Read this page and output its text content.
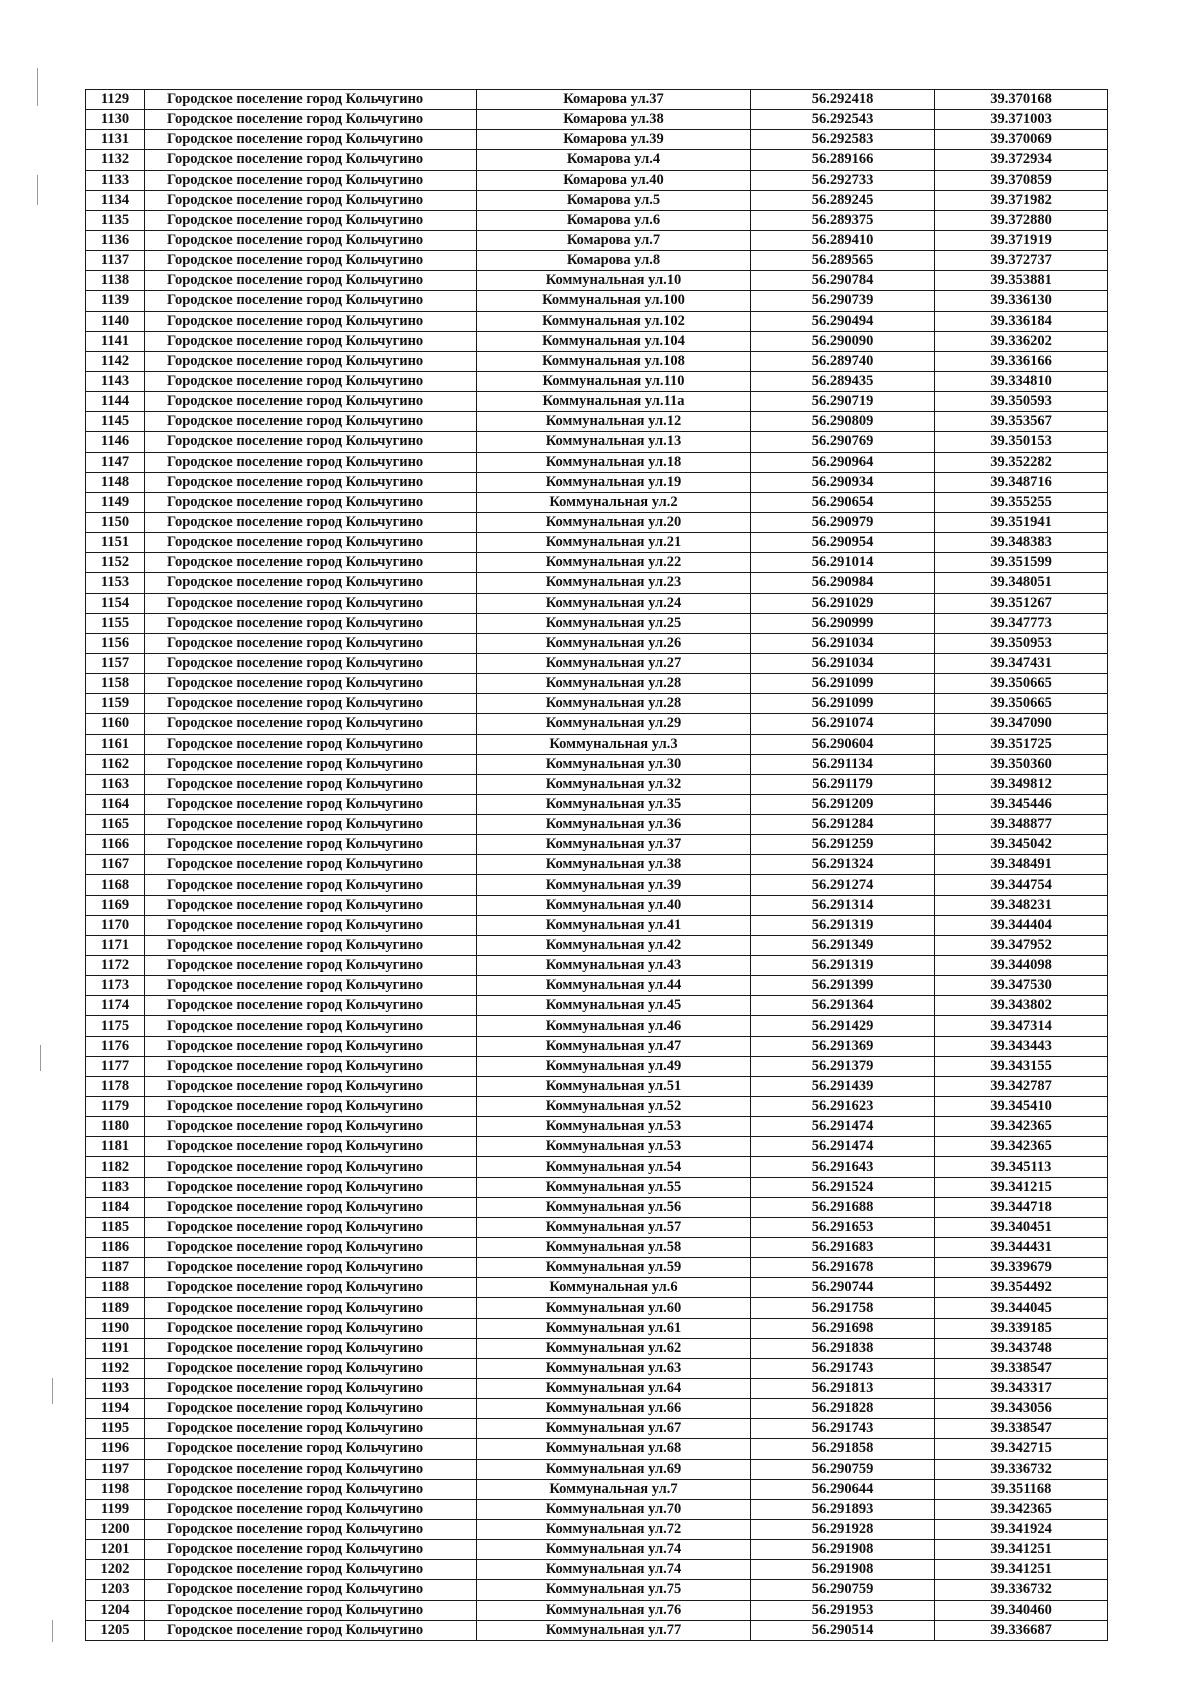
1129	Городское поселение город Кольчугино	Комарова ул.37	56.292418	39.370168
1130	Городское поселение город Кольчугино	Комарова ул.38	56.292543	39.371003
1131	Городское поселение город Кольчугино	Комарова ул.39	56.292583	39.370069
1132	Городское поселение город Кольчугино	Комарова ул.4	56.289166	39.372934
1133	Городское поселение город Кольчугино	Комарова ул.40	56.292733	39.370859
1134	Городское поселение город Кольчугино	Комарова ул.5	56.289245	39.371982
1135	Городское поселение город Кольчугино	Комарова ул.6	56.289375	39.372880
1136	Городское поселение город Кольчугино	Комарова ул.7	56.289410	39.371919
1137	Городское поселение город Кольчугино	Комарова ул.8	56.289565	39.372737
1138	Городское поселение город Кольчугино	Коммунальная ул.10	56.290784	39.353881
1139	Городское поселение город Кольчугино	Коммунальная ул.100	56.290739	39.336130
1140	Городское поселение город Кольчугино	Коммунальная ул.102	56.290494	39.336184
1141	Городское поселение город Кольчугино	Коммунальная ул.104	56.290090	39.336202
1142	Городское поселение город Кольчугино	Коммунальная ул.108	56.289740	39.336166
1143	Городское поселение город Кольчугино	Коммунальная ул.110	56.289435	39.334810
1144	Городское поселение город Кольчугино	Коммунальная ул.11а	56.290719	39.350593
1145	Городское поселение город Кольчугино	Коммунальная ул.12	56.290809	39.353567
1146	Городское поселение город Кольчугино	Коммунальная ул.13	56.290769	39.350153
1147	Городское поселение город Кольчугино	Коммунальная ул.18	56.290964	39.352282
1148	Городское поселение город Кольчугино	Коммунальная ул.19	56.290934	39.348716
1149	Городское поселение город Кольчугино	Коммунальная ул.2	56.290654	39.355255
1150	Городское поселение город Кольчугино	Коммунальная ул.20	56.290979	39.351941
1151	Городское поселение город Кольчугино	Коммунальная ул.21	56.290954	39.348383
1152	Городское поселение город Кольчугино	Коммунальная ул.22	56.291014	39.351599
1153	Городское поселение город Кольчугино	Коммунальная ул.23	56.290984	39.348051
1154	Городское поселение город Кольчугино	Коммунальная ул.24	56.291029	39.351267
1155	Городское поселение город Кольчугино	Коммунальная ул.25	56.290999	39.347773
1156	Городское поселение город Кольчугино	Коммунальная ул.26	56.291034	39.350953
1157	Городское поселение город Кольчугино	Коммунальная ул.27	56.291034	39.347431
1158	Городское поселение город Кольчугино	Коммунальная ул.28	56.291099	39.350665
1159	Городское поселение город Кольчугино	Коммунальная ул.28	56.291099	39.350665
1160	Городское поселение город Кольчугино	Коммунальная ул.29	56.291074	39.347090
1161	Городское поселение город Кольчугино	Коммунальная ул.3	56.290604	39.351725
1162	Городское поселение город Кольчугино	Коммунальная ул.30	56.291134	39.350360
1163	Городское поселение город Кольчугино	Коммунальная ул.32	56.291179	39.349812
1164	Городское поселение город Кольчугино	Коммунальная ул.35	56.291209	39.345446
1165	Городское поселение город Кольчугино	Коммунальная ул.36	56.291284	39.348877
1166	Городское поселение город Кольчугино	Коммунальная ул.37	56.291259	39.345042
1167	Городское поселение город Кольчугино	Коммунальная ул.38	56.291324	39.348491
1168	Городское поселение город Кольчугино	Коммунальная ул.39	56.291274	39.344754
1169	Городское поселение город Кольчугино	Коммунальная ул.40	56.291314	39.348231
1170	Городское поселение город Кольчугино	Коммунальная ул.41	56.291319	39.344404
1171	Городское поселение город Кольчугино	Коммунальная ул.42	56.291349	39.347952
1172	Городское поселение город Кольчугино	Коммунальная ул.43	56.291319	39.344098
1173	Городское поселение город Кольчугино	Коммунальная ул.44	56.291399	39.347530
1174	Городское поселение город Кольчугино	Коммунальная ул.45	56.291364	39.343802
1175	Городское поселение город Кольчугино	Коммунальная ул.46	56.291429	39.347314
1176	Городское поселение город Кольчугино	Коммунальная ул.47	56.291369	39.343443
1177	Городское поселение город Кольчугино	Коммунальная ул.49	56.291379	39.343155
1178	Городское поселение город Кольчугино	Коммунальная ул.51	56.291439	39.342787
1179	Городское поселение город Кольчугино	Коммунальная ул.52	56.291623	39.345410
1180	Городское поселение город Кольчугино	Коммунальная ул.53	56.291474	39.342365
1181	Городское поселение город Кольчугино	Коммунальная ул.53	56.291474	39.342365
1182	Городское поселение город Кольчугино	Коммунальная ул.54	56.291643	39.345113
1183	Городское поселение город Кольчугино	Коммунальная ул.55	56.291524	39.341215
1184	Городское поселение город Кольчугино	Коммунальная ул.56	56.291688	39.344718
1185	Городское поселение город Кольчугино	Коммунальная ул.57	56.291653	39.340451
1186	Городское поселение город Кольчугино	Коммунальная ул.58	56.291683	39.344431
1187	Городское поселение город Кольчугино	Коммунальная ул.59	56.291678	39.339679
1188	Городское поселение город Кольчугино	Коммунальная ул.6	56.290744	39.354492
1189	Городское поселение город Кольчугино	Коммунальная ул.60	56.291758	39.344045
1190	Городское поселение город Кольчугино	Коммунальная ул.61	56.291698	39.339185
1191	Городское поселение город Кольчугино	Коммунальная ул.62	56.291838	39.343748
1192	Городское поселение город Кольчугино	Коммунальная ул.63	56.291743	39.338547
1193	Городское поселение город Кольчугино	Коммунальная ул.64	56.291813	39.343317
1194	Городское поселение город Кольчугино	Коммунальная ул.66	56.291828	39.343056
1195	Городское поселение город Кольчугино	Коммунальная ул.67	56.291743	39.338547
1196	Городское поселение город Кольчугино	Коммунальная ул.68	56.291858	39.342715
1197	Городское поселение город Кольчугино	Коммунальная ул.69	56.290759	39.336732
1198	Городское поселение город Кольчугино	Коммунальная ул.7	56.290644	39.351168
1199	Городское поселение город Кольчугино	Коммунальная ул.70	56.291893	39.342365
1200	Городское поселение город Кольчугино	Коммунальная ул.72	56.291928	39.341924
1201	Городское поселение город Кольчугино	Коммунальная ул.74	56.291908	39.341251
1202	Городское поселение город Кольчугино	Коммунальная ул.74	56.291908	39.341251
1203	Городское поселение город Кольчугино	Коммунальная ул.75	56.290759	39.336732
1204	Городское поселение город Кольчугино	Коммунальная ул.76	56.291953	39.340460
1205	Городское поселение город Кольчугино	Коммунальная ул.77	56.290514	39.336687
